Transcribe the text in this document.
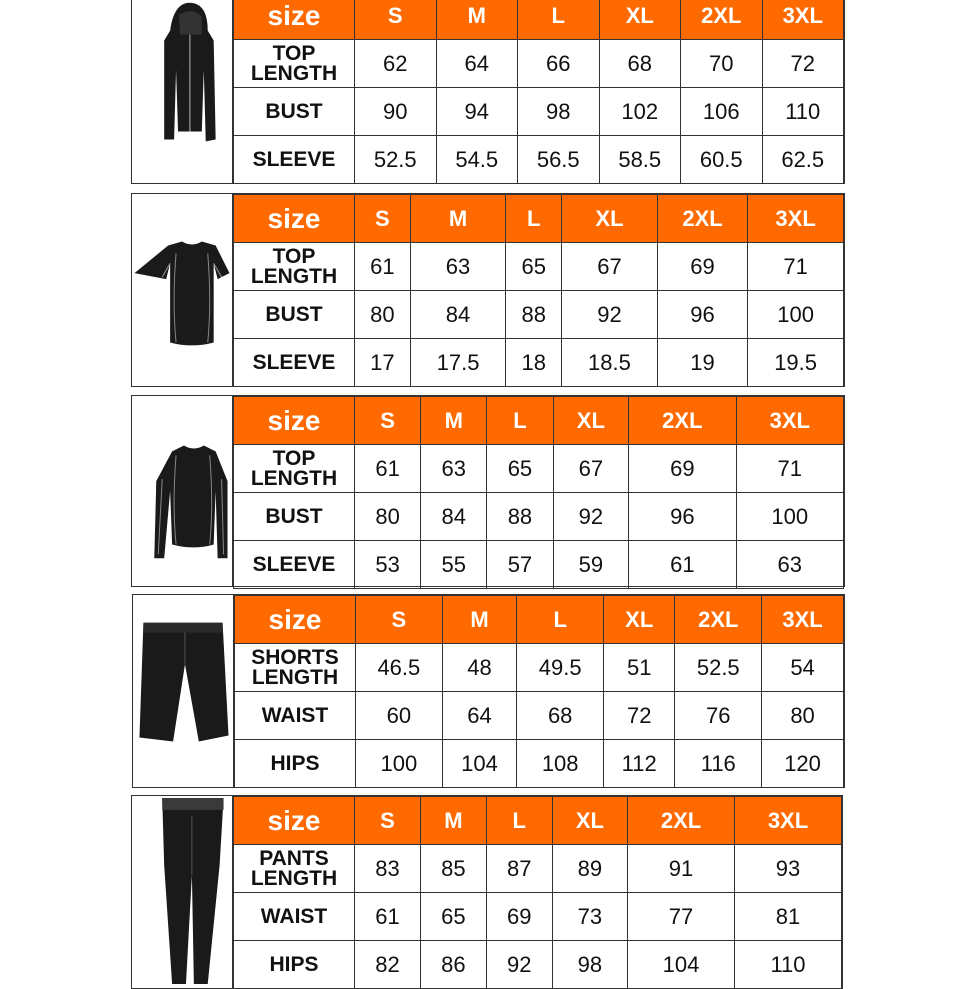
size	S	M	L	XL	2XL	3XL
TOP
LENGTH	62	64	66	68	70	72
BUST	90	94	98	102	106	110
SLEEVE	52.5	54.5	56.5	58.5	60.5	62.5
size	S	M	L	XL	2XL	3XL
TOP
LENGTH	61	63	65	67	69	71
BUST	80	84	88	92	96	100
SLEEVE	17	17.5	18	18.5	19	19.5
size	S	M	L	XL	2XL	3XL
TOP
LENGTH	61	63	65	67	69	71
BUST	80	84	88	92	96	100
SLEEVE	53	55	57	59	61	63
size	S	M	L	XL	2XL	3XL
SHORTS
LENGTH	46.5	48	49.5	51	52.5	54
WAIST	60	64	68	72	76	80
HIPS	100	104	108	112	116	120
size	S	M	L	XL	2XL	3XL
PANTS
LENGTH	83	85	87	89	91	93
WAIST	61	65	69	73	77	81
HIPS	82	86	92	98	104	110
